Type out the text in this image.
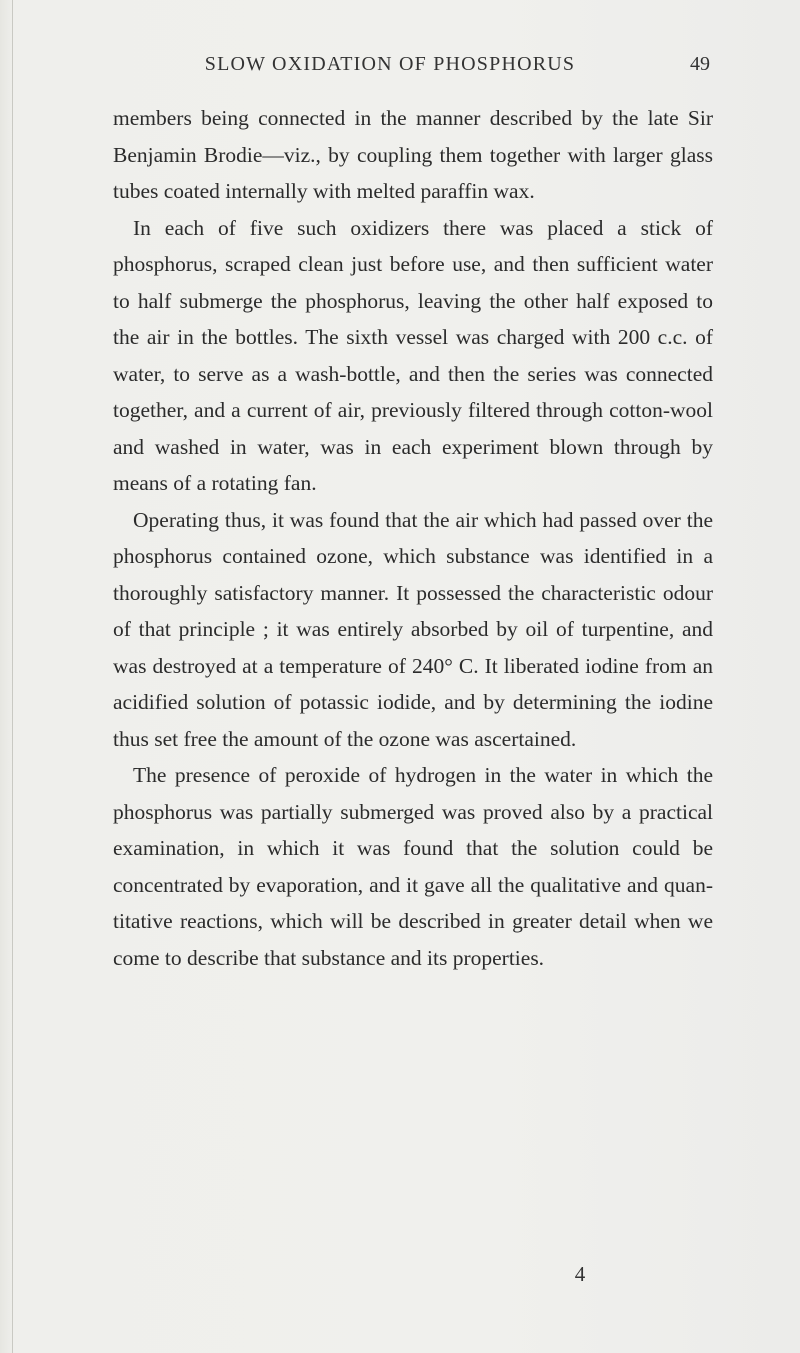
SLOW OXIDATION OF PHOSPHORUS	49

members being connected in the manner described by the late Sir Benjamin Brodie—viz., by coupling them together with larger glass tubes coated internally with melted paraffin wax.

In each of five such oxidizers there was placed a stick of phosphorus, scraped clean just before use, and then sufficient water to half submerge the phosphorus, leaving the other half exposed to the air in the bottles. The sixth vessel was charged with 200 c.c. of water, to serve as a wash-bottle, and then the series was connected together, and a current of air, previously filtered through cotton-wool and washed in water, was in each experiment blown through by means of a rotating fan.

Operating thus, it was found that the air which had passed over the phosphorus contained ozone, which substance was identified in a thoroughly satisfactory manner. It possessed the characteristic odour of that principle ; it was entirely absorbed by oil of turpentine, and was destroyed at a temperature of 240° C. It liberated iodine from an acidified solution of potassic iodide, and by determining the iodine thus set free the amount of the ozone was ascertained.

The presence of peroxide of hydrogen in the water in which the phosphorus was partially submerged was proved also by a practical examination, in which it was found that the solution could be concentrated by evaporation, and it gave all the qualitative and quantitative reactions, which will be described in greater detail when we come to describe that substance and its properties.

4
